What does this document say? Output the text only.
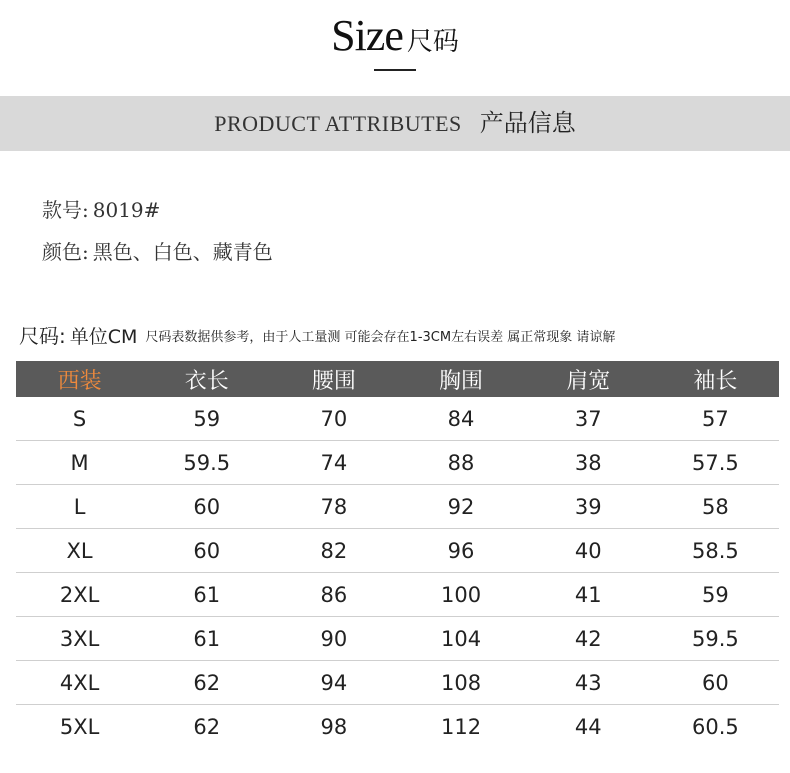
Size 尺码
PRODUCT ATTRIBUTES 产品信息
款号: 8019#
颜色: 黑色、白色、藏青色
尺码: 单位CM 尺码表数据供参考，由于人工量测 可能会存在1-3CM左右误差 属正常现象 请谅解
西装	衣长	腰围	胸围	肩宽	袖长
S	59	70	84	37	57
M	59.5	74	88	38	57.5
L	60	78	92	39	58
XL	60	82	96	40	58.5
2XL	61	86	100	41	59
3XL	61	90	104	42	59.5
4XL	62	94	108	43	60
5XL	62	98	112	44	60.5
